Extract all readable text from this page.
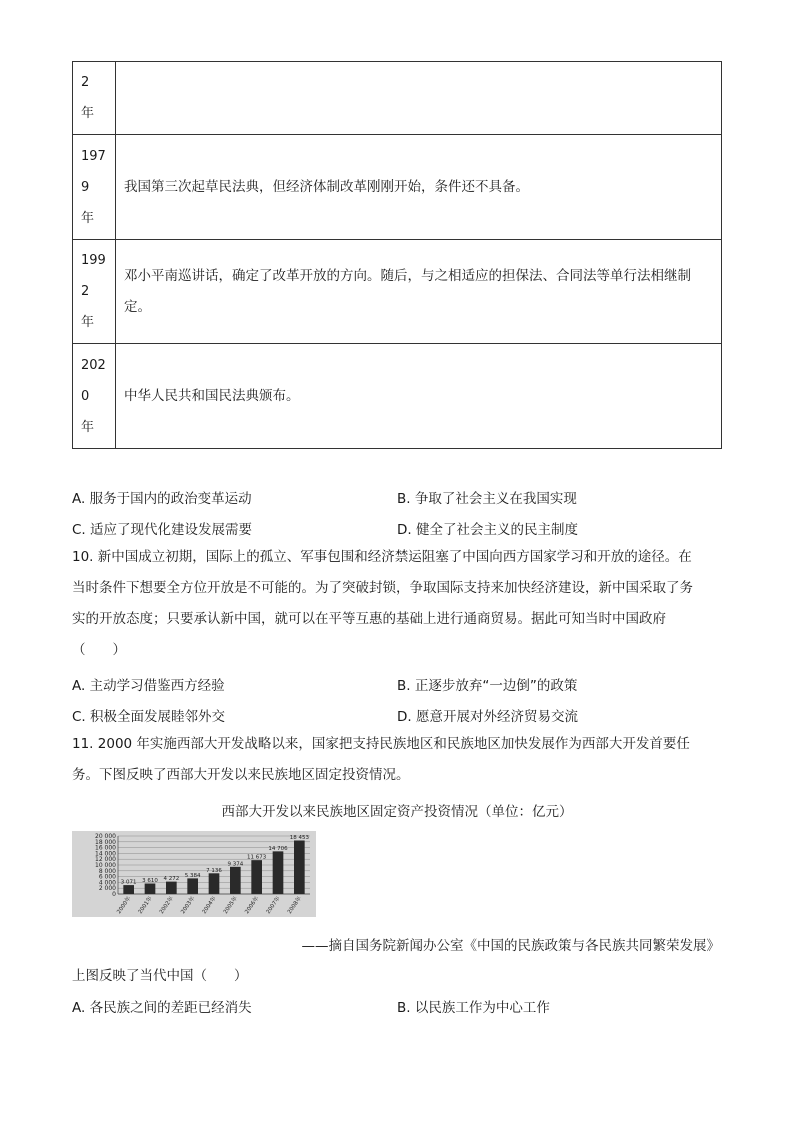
2
年	

197
9
年	我国第三次起草民法典，但经济体制改革刚刚开始，条件还不具备。

199
2
年	邓小平南巡讲话，确定了改革开放的方向。随后，与之相适应的担保法、合同法等单行法相继制定。

202
0
年	中华人民共和国民法典颁布。
A. 服务于国内的政治变革运动	B. 争取了社会主义在我国实现
C. 适应了现代化建设发展需要	D. 健全了社会主义的民主制度
10. 新中国成立初期，国际上的孤立、军事包围和经济禁运阻塞了中国向西方国家学习和开放的途径。在
当时条件下想要全方位开放是不可能的。为了突破封锁，争取国际支持来加快经济建设，新中国采取了务
实的开放态度；只要承认新中国，就可以在平等互惠的基础上进行通商贸易。据此可知当时中国政府
（　　）
A. 主动学习借鉴西方经验	B. 正逐步放弃“一边倒”的政策
C. 积极全面发展睦邻外交	D. 愿意开展对外经济贸易交流
11. 2000 年实施西部大开发战略以来，国家把支持民族地区和民族地区加快发展作为西部大开发首要任
务。下图反映了西部大开发以来民族地区固定投资情况。
西部大开发以来民族地区固定资产投资情况（单位：亿元）
0
2 000
4 000
6 000
8 000
10 000
12 000
14 000
16 000
18 000
20 000
3 071 3 610 4 272
5 384
7 136
9 374
11 673
14 706
18 453
2000年 2001年 2002年 2003年 2004年 2005年 2006年 2007年 2008年
——摘自国务院新闻办公室《中国的民族政策与各民族共同繁荣发展》
上图反映了当代中国（　　）
A. 各民族之间的差距已经消失	B. 以民族工作为中心工作
